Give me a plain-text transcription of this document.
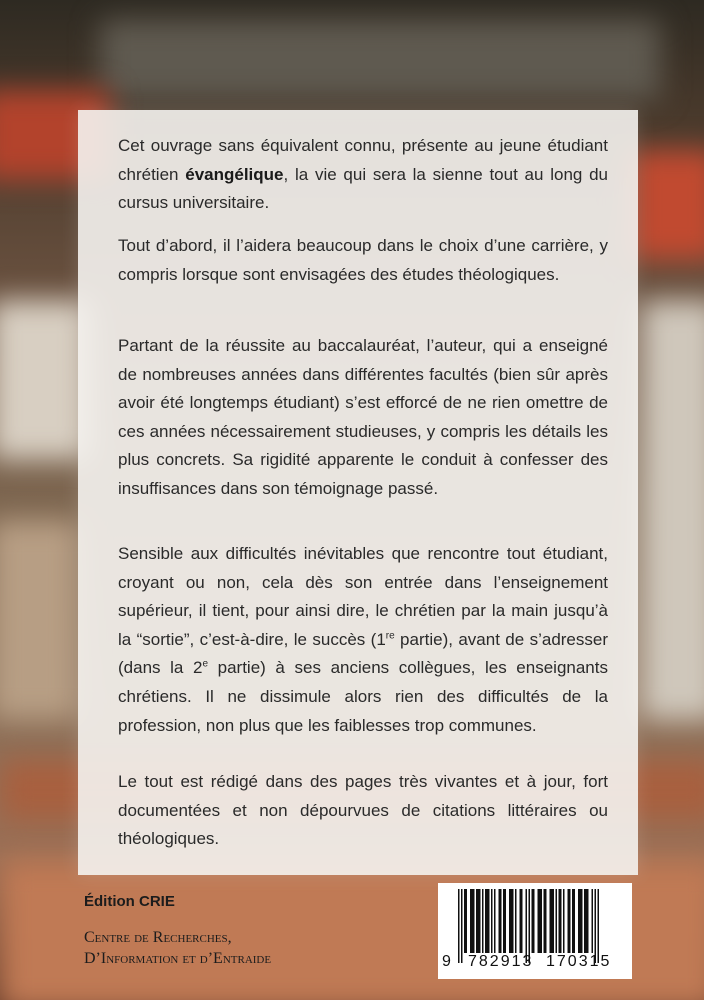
Cet ouvrage sans équivalent connu, présente au jeune étudiant chrétien évangélique, la vie qui sera la sienne tout au long du cursus universitaire.

Tout d’abord, il l’aidera beaucoup dans le choix d’une carrière, y compris lorsque sont envisagées des études théologiques.

Partant de la réussite au baccalauréat, l’auteur, qui a enseigné de nombreuses années dans différentes facultés (bien sûr après avoir été longtemps étudiant) s’est efforcé de ne rien omettre de ces années nécessairement studieuses, y compris les détails les plus concrets. Sa rigidité apparente le conduit à confesser des insuffisances dans son témoignage passé.

Sensible aux difficultés inévitables que rencontre tout étudiant, croyant ou non, cela dès son entrée dans l’enseignement supérieur, il tient, pour ainsi dire, le chrétien par la main jusqu’à la “sortie”, c’est-à-dire, le succès (1re partie), avant de s’adresser (dans la 2e partie) à ses anciens collègues, les enseignants chrétiens. Il ne dissimule alors rien des difficultés de la profession, non plus que les faiblesses trop communes.

Le tout est rédigé dans des pages très vivantes et à jour, fort documentées et non dépourvues de citations littéraires ou théologiques.

Édition CRIE

Centre de Recherches,

D’Information et d’Entraide	9 782913 170315
